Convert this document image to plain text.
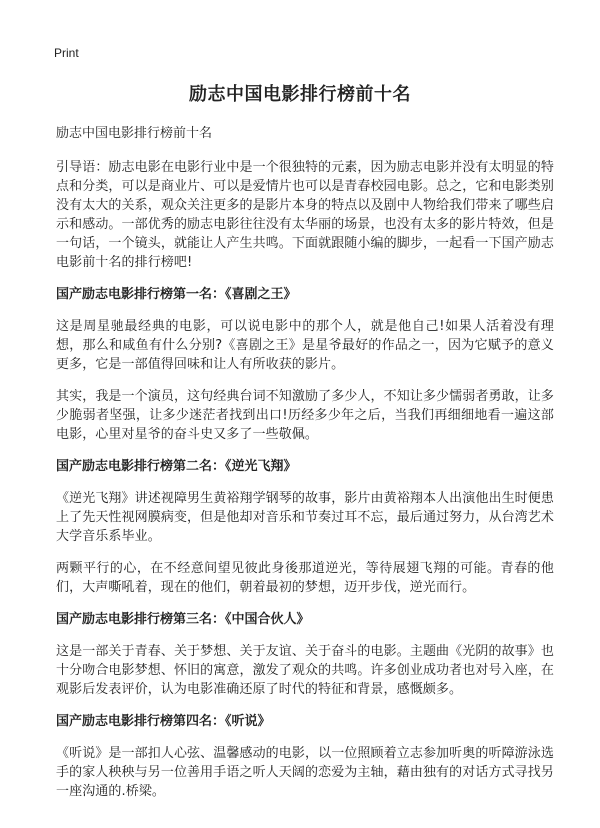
Print
励志中国电影排行榜前十名

励志中国电影排行榜前十名

引导语：励志电影在电影行业中是一个很独特的元素，因为励志电影并没有太明显的特点和分类，可以是商业片、可以是爱情片也可以是青春校园电影。总之，它和电影类别没有太大的关系，观众关注更多的是影片本身的特点以及剧中人物给我们带来了哪些启示和感动。一部优秀的励志电影往往没有太华丽的场景，也没有太多的影片特效，但是一句话，一个镜头，就能让人产生共鸣。下面就跟随小编的脚步，一起看一下国产励志电影前十名的排行榜吧!

国产励志电影排行榜第一名：《喜剧之王》

这是周星驰最经典的电影，可以说电影中的那个人，就是他自己!如果人活着没有理想，那么和咸鱼有什么分别?《喜剧之王》是星爷最好的作品之一，因为它赋予的意义更多，它是一部值得回味和让人有所收获的影片。

其实，我是一个演员，这句经典台词不知激励了多少人，不知让多少懦弱者勇敢，让多少脆弱者坚强，让多少迷茫者找到出口!历经多少年之后，当我们再细细地看一遍这部电影，心里对星爷的奋斗史又多了一些敬佩。

国产励志电影排行榜第二名：《逆光飞翔》

《逆光飞翔》讲述视障男生黄裕翔学钢琴的故事，影片由黄裕翔本人出演他出生时便患上了先天性视网膜病变，但是他却对音乐和节奏过耳不忘，最后通过努力，从台湾艺术大学音乐系毕业。

两颗平行的心，在不经意间望见彼此身後那道逆光，等待展翅飞翔的可能。青春的他们，大声嘶吼着，现在的他们，朝着最初的梦想，迈开步伐，逆光而行。

国产励志电影排行榜第三名：《中国合伙人》

这是一部关于青春、关于梦想、关于友谊、关于奋斗的电影。主题曲《光阴的故事》也十分吻合电影梦想、怀旧的寓意，激发了观众的共鸣。许多创业成功者也对号入座，在观影后发表评价，认为电影准确还原了时代的特征和背景，感慨颇多。

国产励志电影排行榜第四名：《听说》

《听说》是一部扣人心弦、温馨感动的电影，以一位照顾着立志参加听奥的听障游泳选手的家人秧秧与另一位善用手语之听人天阔的恋爱为主轴，藉由独有的对话方式寻找另一座沟通的.桥梁。
